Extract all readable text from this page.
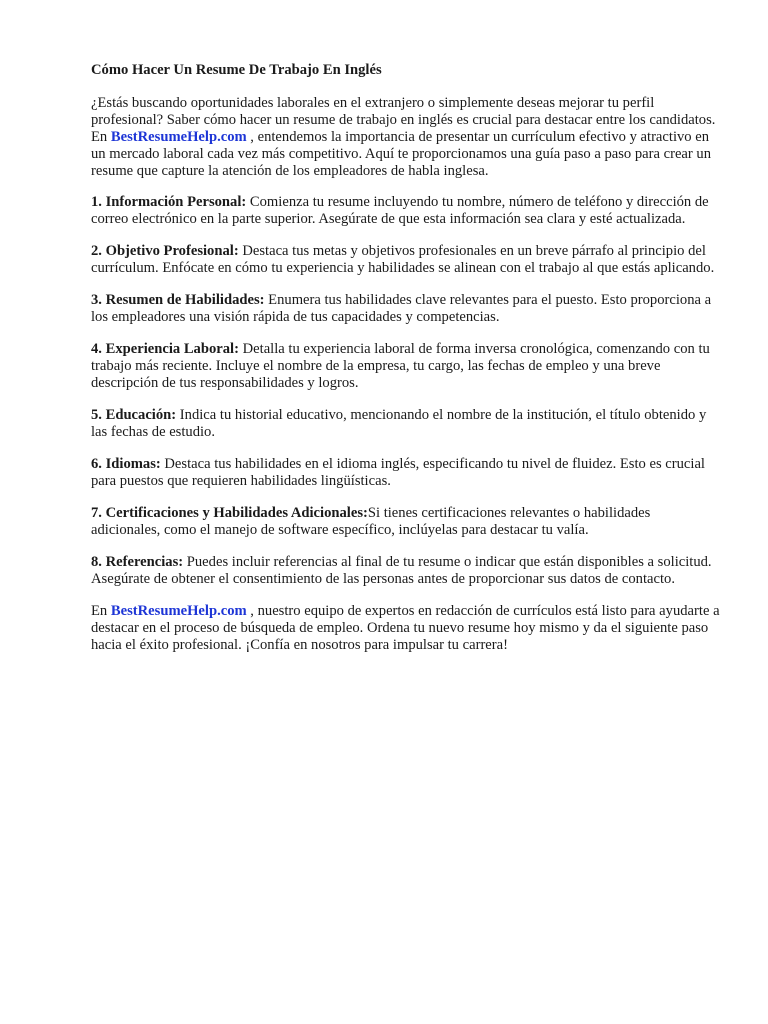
Cómo Hacer Un Resume De Trabajo En Inglés

¿Estás buscando oportunidades laborales en el extranjero o simplemente deseas mejorar tu perfil profesional? Saber cómo hacer un resume de trabajo en inglés es crucial para destacar entre los candidatos. En BestResumeHelp.com , entendemos la importancia de presentar un currículum efectivo y atractivo en un mercado laboral cada vez más competitivo. Aquí te proporcionamos una guía paso a paso para crear un resume que capture la atención de los empleadores de habla inglesa.

1. Información Personal: Comienza tu resume incluyendo tu nombre, número de teléfono y dirección de correo electrónico en la parte superior. Asegúrate de que esta información sea clara y esté actualizada.

2. Objetivo Profesional: Destaca tus metas y objetivos profesionales en un breve párrafo al principio del currículum. Enfócate en cómo tu experiencia y habilidades se alinean con el trabajo al que estás aplicando.

3. Resumen de Habilidades: Enumera tus habilidades clave relevantes para el puesto. Esto proporciona a los empleadores una visión rápida de tus capacidades y competencias.

4. Experiencia Laboral: Detalla tu experiencia laboral de forma inversa cronológica, comenzando con tu trabajo más reciente. Incluye el nombre de la empresa, tu cargo, las fechas de empleo y una breve descripción de tus responsabilidades y logros.

5. Educación: Indica tu historial educativo, mencionando el nombre de la institución, el título obtenido y las fechas de estudio.

6. Idiomas: Destaca tus habilidades en el idioma inglés, especificando tu nivel de fluidez. Esto es crucial para puestos que requieren habilidades lingüísticas.

7. Certificaciones y Habilidades Adicionales:Si tienes certificaciones relevantes o habilidades adicionales, como el manejo de software específico, inclúyelas para destacar tu valía.

8. Referencias: Puedes incluir referencias al final de tu resume o indicar que están disponibles a solicitud. Asegúrate de obtener el consentimiento de las personas antes de proporcionar sus datos de contacto.

En BestResumeHelp.com , nuestro equipo de expertos en redacción de currículos está listo para ayudarte a destacar en el proceso de búsqueda de empleo. Ordena tu nuevo resume hoy mismo y da el siguiente paso hacia el éxito profesional. ¡Confía en nosotros para impulsar tu carrera!
